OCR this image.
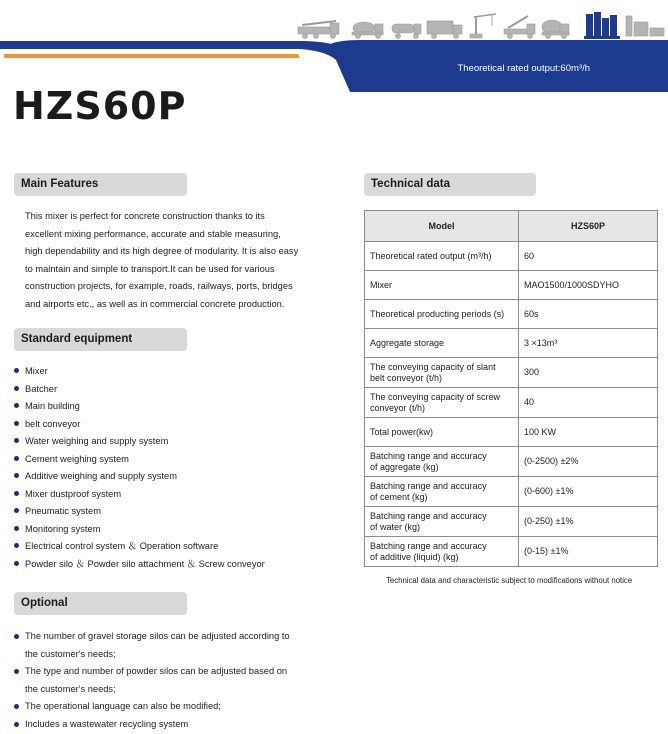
Theoretical rated output:60m³/h
HZS60P
Main Features
This mixer is perfect for concrete construction thanks to its
excellent mixing performance, accurate and stable measuring,
high dependability and its high degree of modularity. It is also easy
to maintain and simple to transport.It can be used for various
construction projects, for example, roads, railways, ports, bridges
and airports etc., as well as in commercial concrete production.
Standard equipment
Mixer
Batcher
Main building
belt conveyor
Water weighing and supply system
Cement weighing system
Additive weighing and supply system
Mixer dustproof system
Pneumatic system
Monitoring system
Electrical control system ＆ Operation software
Powder silo ＆ Powder silo attachment ＆ Screw conveyor
Optional
The number of gravel storage silos can be adjusted according to
the customer's needs;
The type and number of powder silos can be adjusted based on
the customer's needs;
The operational language can also be modified;
Includes a wastewater recycling system
Technical data
Model	HZS60P
Theoretical rated output (m³/h)	60
Mixer	MAO1500/1000SDYHO
Theoretical producting periods (s)	60s
Aggregate storage	3 ×13m³
The conveying capacity of slant
belt conveyor (t/h)	300
The conveying capacity of screw
conveyor (t/h)	40
Total power(kw)	100 KW
Batching range and accuracy
of aggregate (kg)	(0-2500) ±2%
Batching range and accuracy
of cement (kg)	(0-600) ±1%
Batching range and accuracy
of water (kg)	(0-250) ±1%
Batching range and accuracy
of additive (liquid) (kg)	(0-15) ±1%
Technical data and characteristic subject to modifications without notice
